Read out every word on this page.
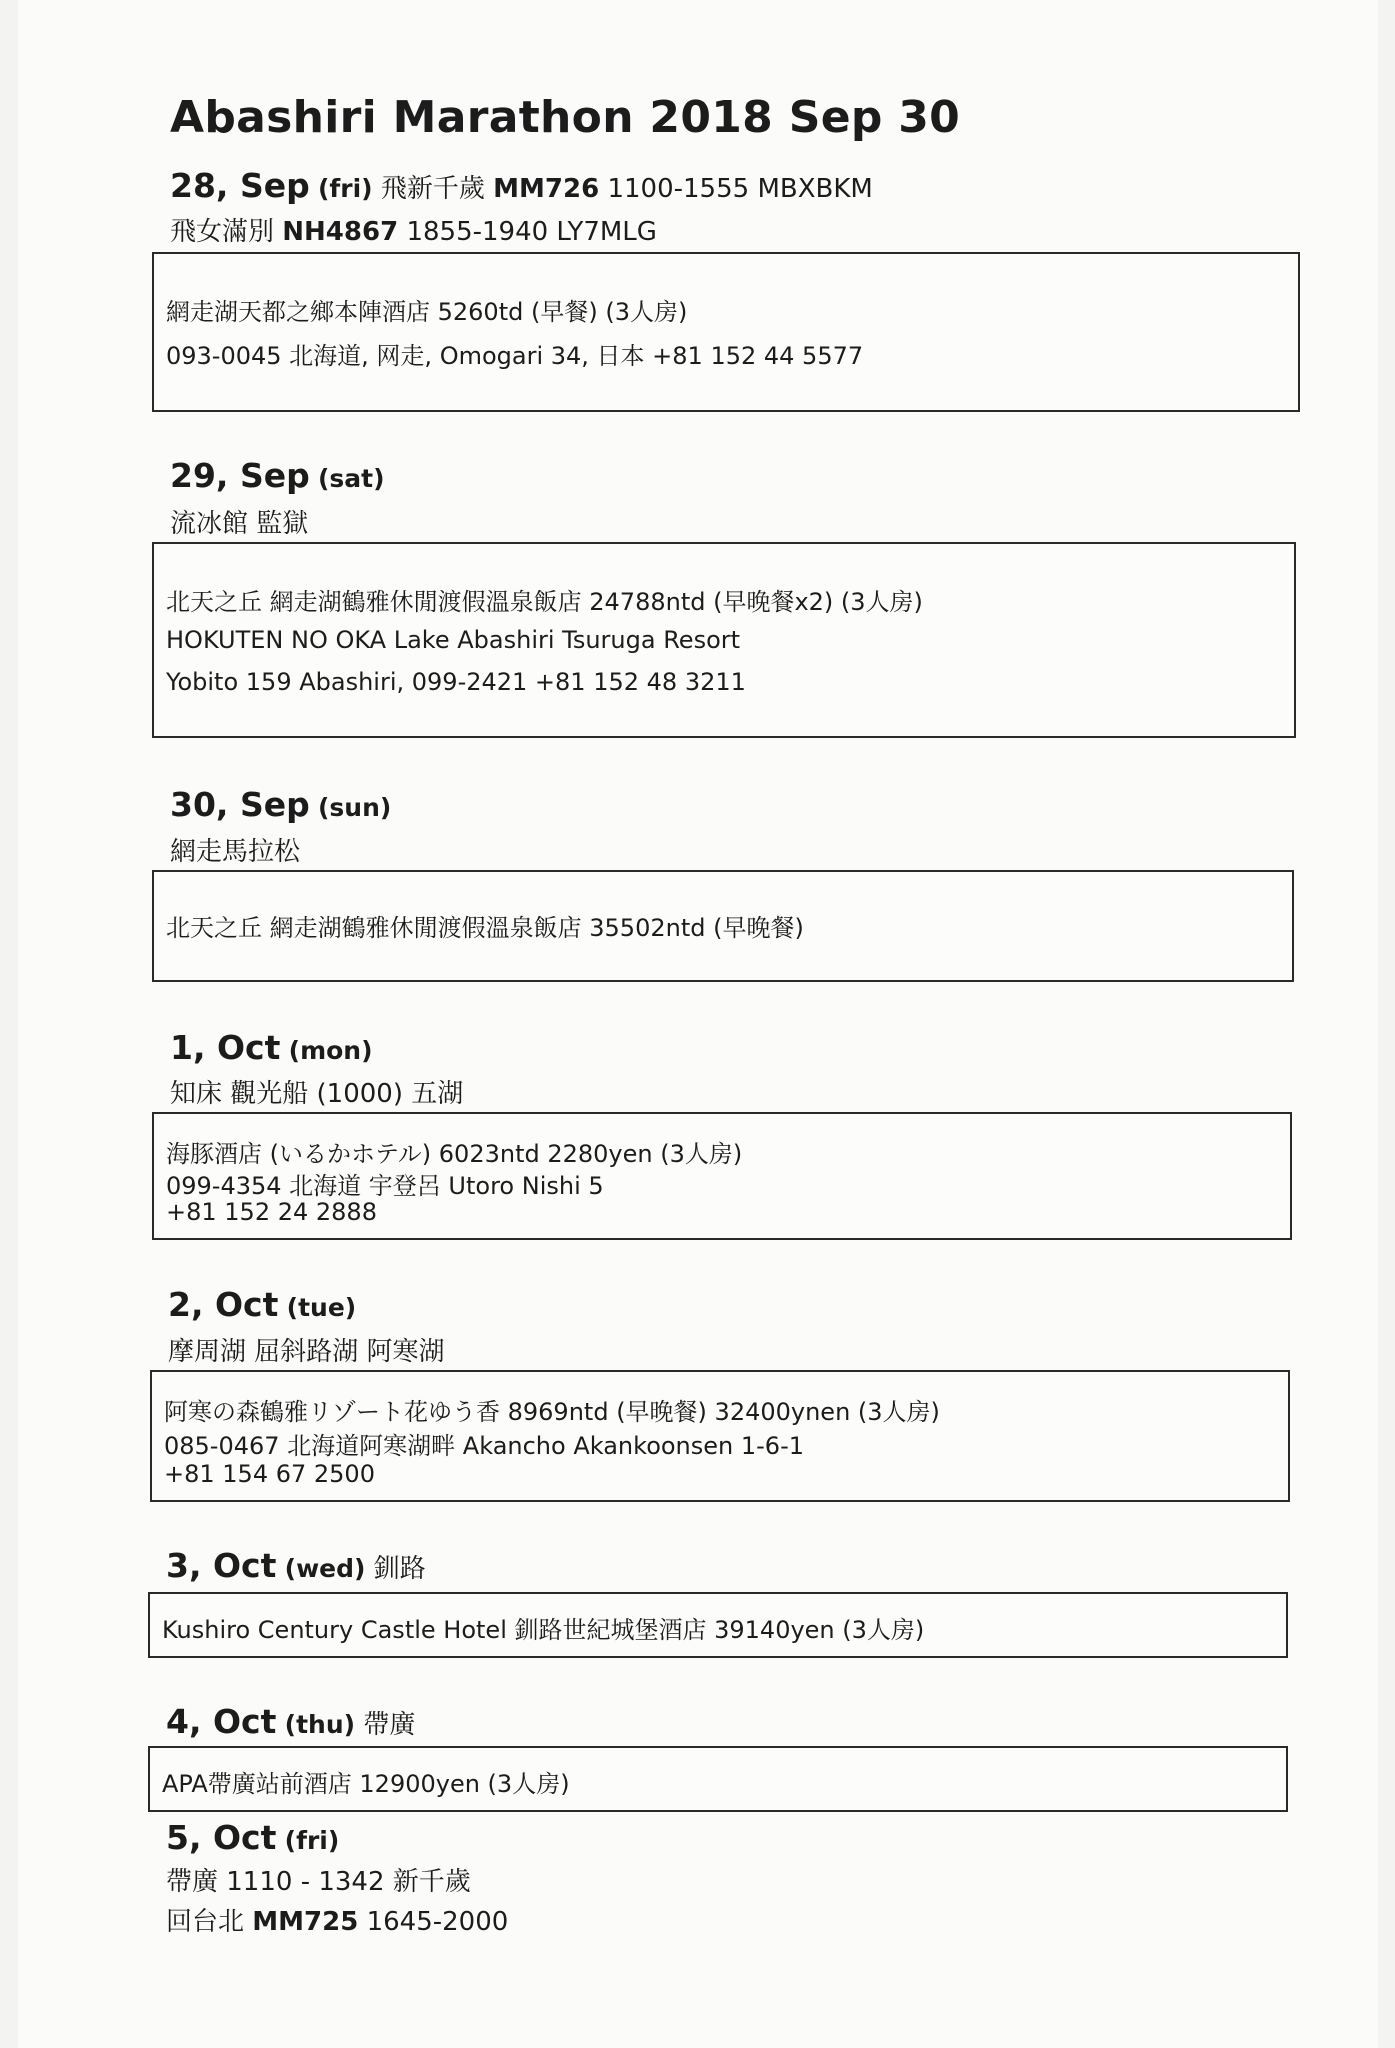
Abashiri Marathon 2018 Sep 30
28, Sep (fri) 飛新千歲 MM726 1100-1555 MBXBKM
飛女滿別 NH4867 1855-1940 LY7MLG
網走湖天都之鄉本陣酒店 5260td (早餐) (3人房)
093-0045 北海道, 网走, Omogari 34, 日本 +81 152 44 5577
29, Sep (sat)
流冰館 監獄
北天之丘 網走湖鶴雅休閒渡假溫泉飯店 24788ntd (早晚餐x2) (3人房)
HOKUTEN NO OKA Lake Abashiri Tsuruga Resort
Yobito 159 Abashiri, 099-2421 +81 152 48 3211
30, Sep (sun)
網走馬拉松
北天之丘 網走湖鶴雅休閒渡假溫泉飯店 35502ntd (早晚餐)
1, Oct (mon)
知床 觀光船 (1000) 五湖
海豚酒店 (いるかホテル) 6023ntd 2280yen (3人房)
099-4354 北海道 宇登呂 Utoro Nishi 5
+81 152 24 2888
2, Oct (tue)
摩周湖 屈斜路湖 阿寒湖
阿寒の森鶴雅リゾート花ゆう香 8969ntd (早晚餐) 32400ynen (3人房)
085-0467 北海道阿寒湖畔 Akancho Akankoonsen 1-6-1
+81 154 67 2500
3, Oct (wed) 釧路
Kushiro Century Castle Hotel 釧路世紀城堡酒店 39140yen (3人房)
4, Oct (thu) 帶廣
APA帶廣站前酒店 12900yen (3人房)
5, Oct (fri)
帶廣 1110 - 1342 新千歲
回台北 MM725 1645-2000
